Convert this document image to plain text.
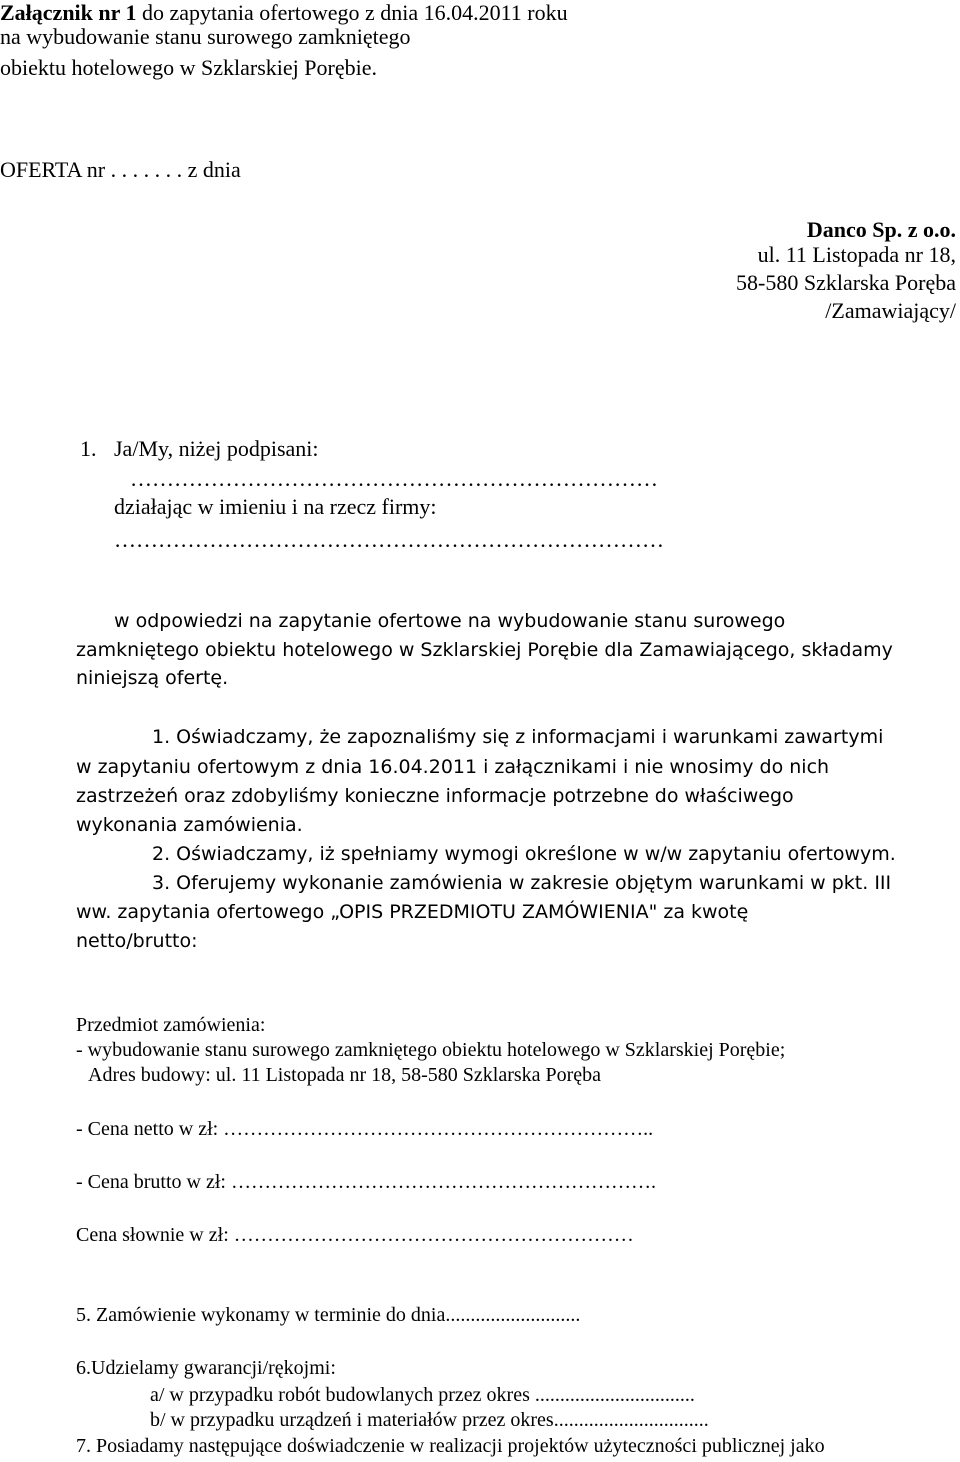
Załącznik nr 1 do zapytania ofertowego z dnia 16.04.2011 roku
na wybudowanie stanu surowego zamkniętego
obiektu hotelowego w Szklarskiej Porębie.
OFERTA nr . . . . . . . z dnia
Danco Sp. z o.o.
ul. 11 Listopada nr 18,
58-580 Szklarska Poręba
/Zamawiający/
1. Ja/My, niżej podpisani:
………………………………………………………………
działając w imieniu i na rzecz firmy:
…………………………………………………………………
w odpowiedzi na zapytanie ofertowe na wybudowanie stanu surowego
zamkniętego obiektu hotelowego w Szklarskiej Porębie dla Zamawiającego, składamy
niniejszą ofertę.
1. Oświadczamy, że zapoznaliśmy się z informacjami i warunkami zawartymi
w zapytaniu ofertowym z dnia 16.04.2011 i załącznikami i nie wnosimy do nich
zastrzeżeń oraz zdobyliśmy konieczne informacje potrzebne do właściwego
wykonania zamówienia.
2. Oświadczamy, iż spełniamy wymogi określone w w/w zapytaniu ofertowym.
3. Oferujemy wykonanie zamówienia w zakresie objętym warunkami w pkt. III
ww. zapytania ofertowego „OPIS PRZEDMIOTU ZAMÓWIENIA" za kwotę
netto/brutto:
Przedmiot zamówienia:
- wybudowanie stanu surowego zamkniętego obiektu hotelowego w Szklarskiej Porębie;
Adres budowy: ul. 11 Listopada nr 18, 58-580 Szklarska Poręba
- Cena netto w zł: ………………………………………………………..
- Cena brutto w zł: ……………………………………………………….
Cena słownie w zł: ……………………………………………………
5. Zamówienie wykonamy w terminie do dnia...........................
6.Udzielamy gwarancji/rękojmi:
a/ w przypadku robót budowlanych przez okres ................................
b/ w przypadku urządzeń i materiałów przez okres...............................
7. Posiadamy następujące doświadczenie w realizacji projektów użyteczności publicznej jako
